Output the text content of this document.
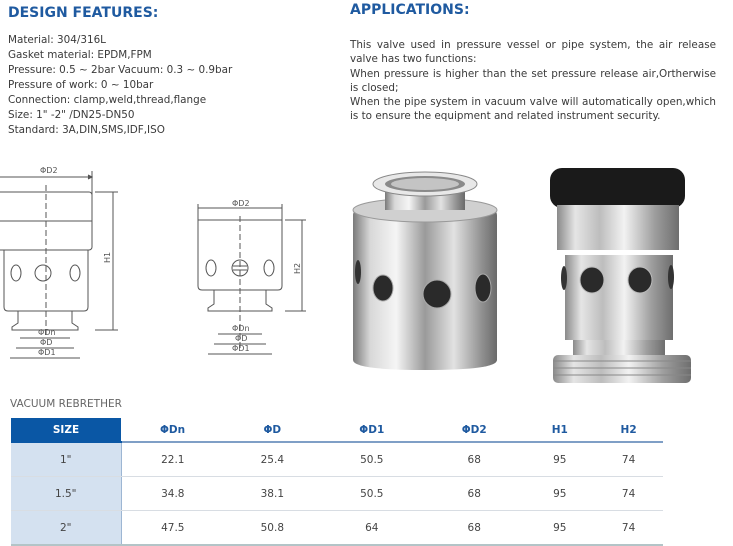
DESIGN FEATURES:
Material: 304/316L
Gasket material: EPDM,FPM
Pressure: 0.5 ~ 2bar Vacuum: 0.3 ~ 0.9bar
Pressure of work: 0 ~ 10bar
Connection: clamp,weld,thread,flange
Size: 1" -2" /DN25-DN50
Standard: 3A,DIN,SMS,IDF,ISO
APPLICATIONS:

This valve used in pressure vessel or pipe system, the air release valve has two functions:

When pressure is higher than the set pressure release air,Ortherwise is closed;

When the pipe system in vacuum valve will automatically open,which is to ensure the equipment and related instrument security.

ΦD2
H1
ΦDn
ΦD
ΦD1
ΦD2
H2
ΦDn
ΦD
ΦD1
VACUUM REBRETHER
SIZE	ΦDn	ΦD	ΦD1	ΦD2	H1	H2
1"	22.1	25.4	50.5	68	95	74
1.5"	34.8	38.1	50.5	68	95	74
2"	47.5	50.8	64	68	95	74
